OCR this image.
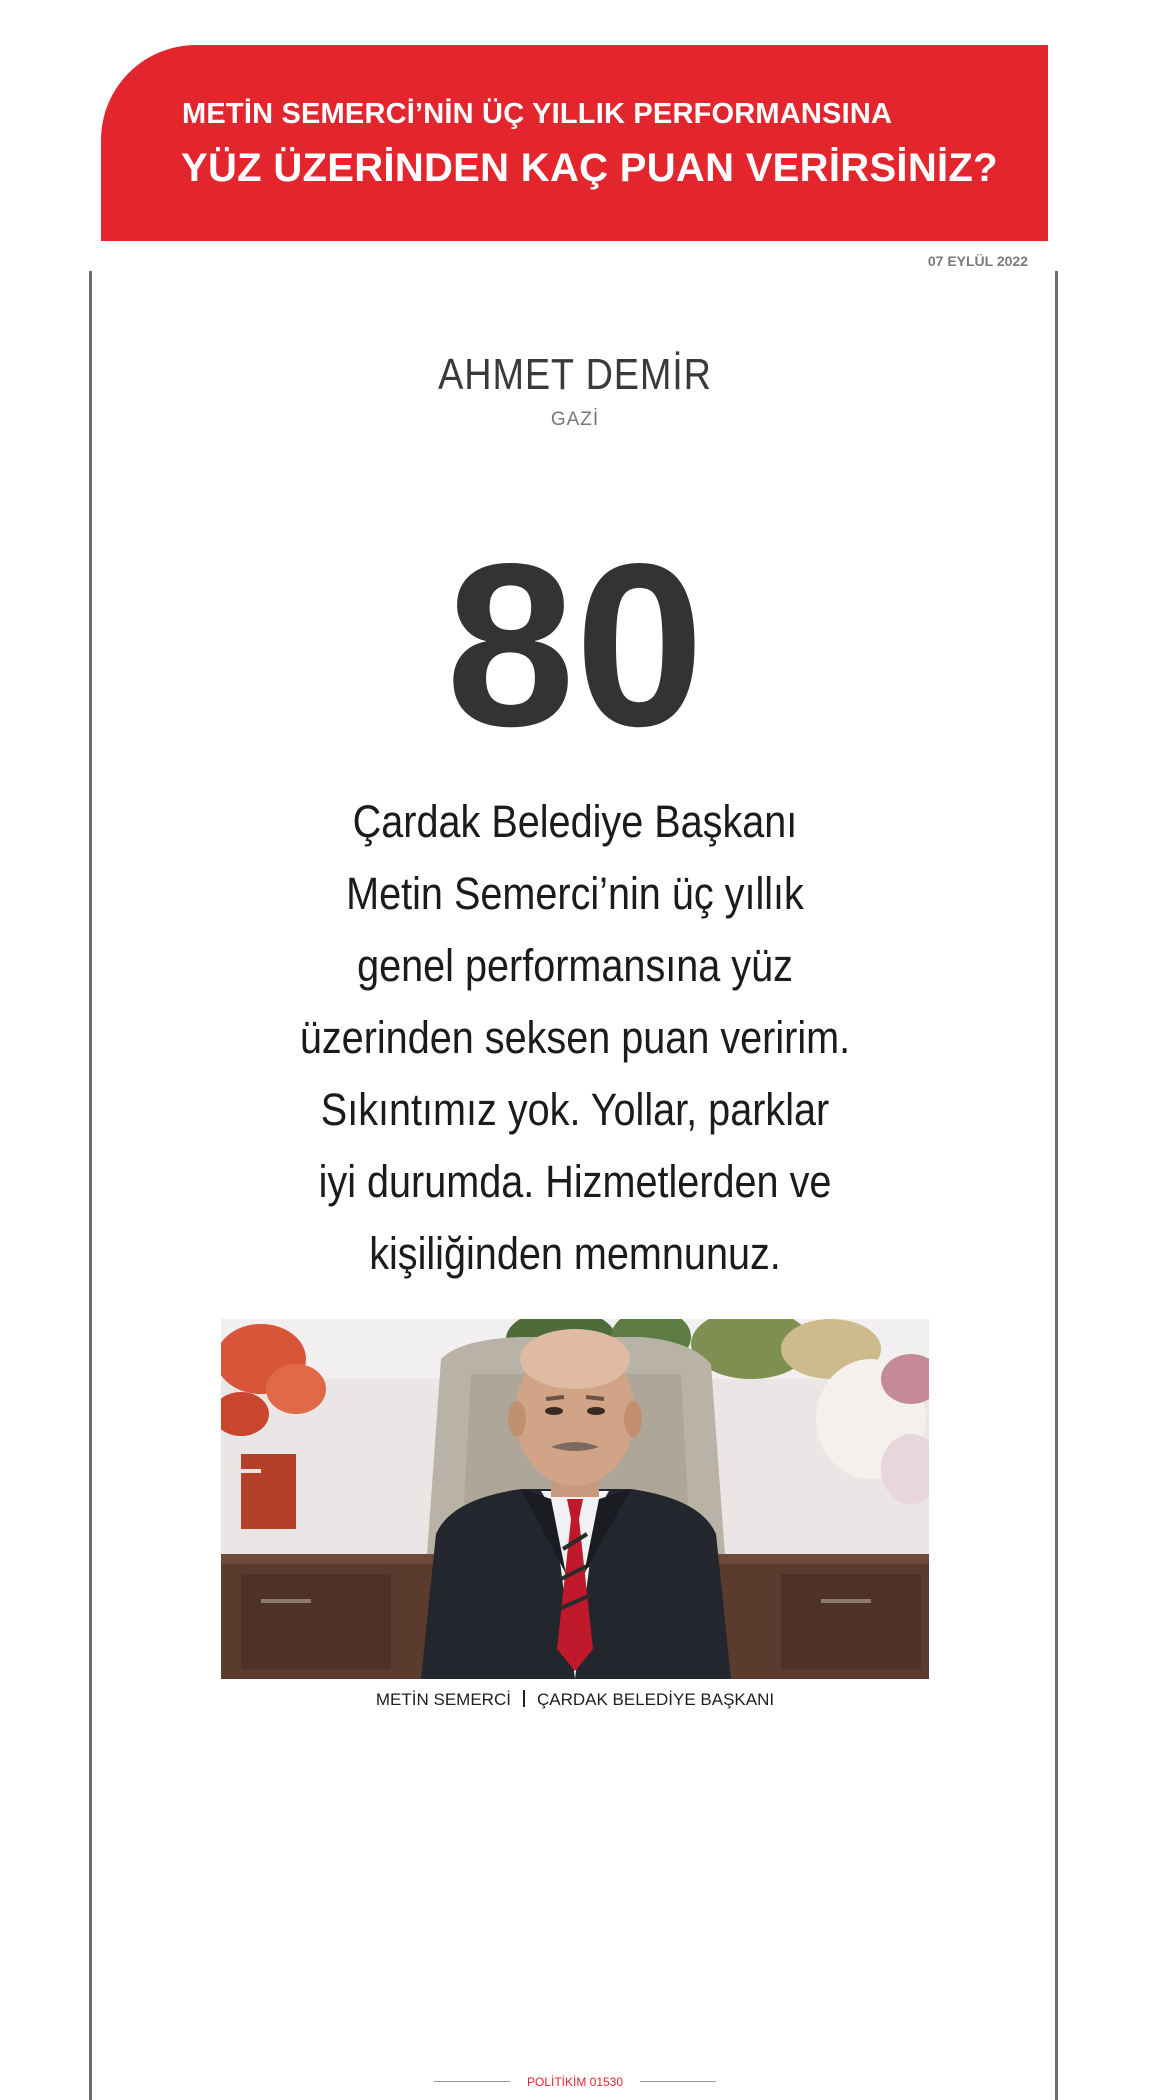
METİN SEMERCİ’NİN ÜÇ YILLIK PERFORMANSINA
YÜZ ÜZERİNDEN KAÇ PUAN VERİRSİNİZ?
07 EYLÜL 2022
AHMET DEMİR
GAZİ
80
Çardak Belediye Başkanı
Metin Semerci’nin üç yıllık
genel performansına yüz
üzerinden seksen puan veririm.
Sıkıntımız yok. Yollar, parklar
iyi durumda. Hizmetlerden ve
kişiliğinden memnunuz.
METİN SEMERCİ ÇARDAK BELEDİYE BAŞKANI
POLİTİKİM 01530
